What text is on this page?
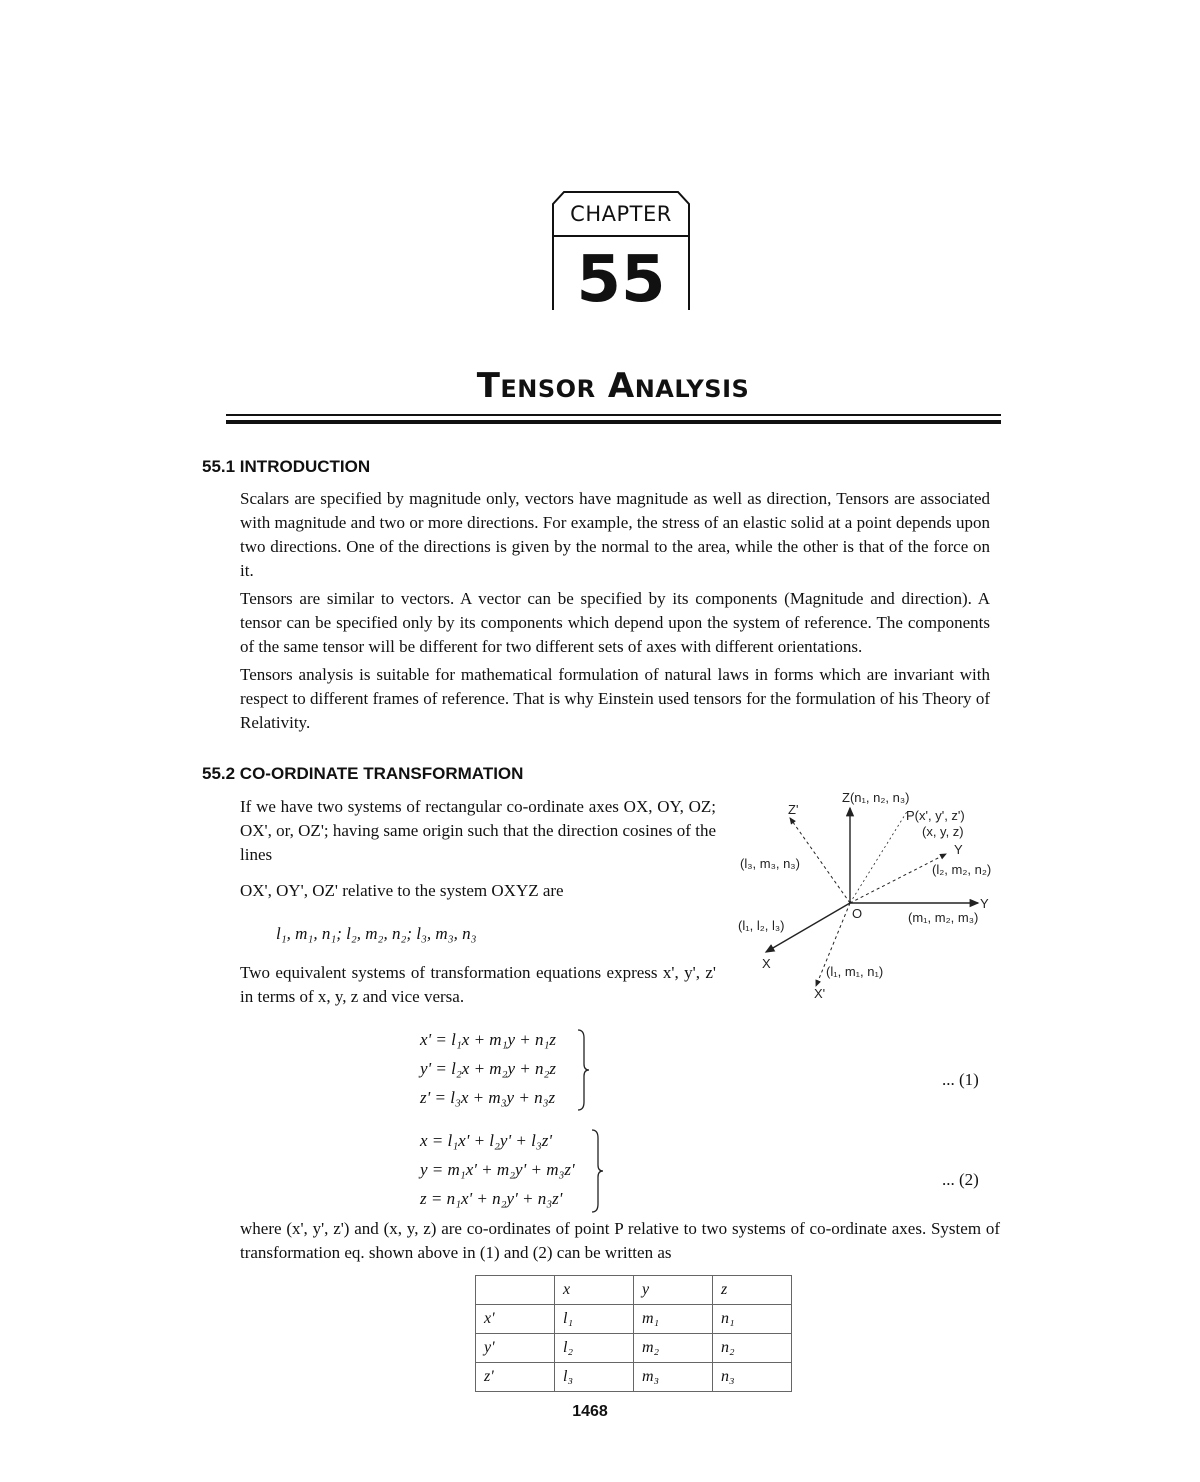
CHAPTER
55
Tensor Analysis
55.1 INTRODUCTION

Scalars are specified by magnitude only, vectors have magnitude as well as direction, Tensors are associated with magnitude and two or more directions. For example, the stress of an elastic solid at a point depends upon two directions. One of the directions is given by the normal to the area, while the other is that of the force on it.

Tensors are similar to vectors. A vector can be specified by its components (Magnitude and direction). A tensor can be specified only by its components which depend upon the system of reference. The components of the same tensor will be different for two different sets of axes with different orientations.

Tensors analysis is suitable for mathematical formulation of natural laws in forms which are invariant with respect to different frames of reference. That is why Einstein used tensors for the formulation of his Theory of Relativity.

55.2 CO-ORDINATE TRANSFORMATION

If we have two systems of rectangular co-ordinate axes OX, OY, OZ; OX', or, OZ'; having same origin such that the direction cosines of the lines

OX', OY', OZ' relative to the system OXYZ are

l₁, m₁, n₁; l₂, m₂, n₂; l₃, m₃, n₃

Two equivalent systems of transformation equations express x', y', z' in terms of x, y, z and vice versa.

Z(n₁, n₂, n₃)
Z'	P(x', y', z')
(x, y, z)
Y
(l₂, m₂, n₂)
(l₃, m₃, n₃)
O
Y
(m₁, m₂, m₃)
(l₁, l₂, l₃)
X
(l₁, m₁, n₁)
X'
x' = l₁x + m₁y + n₁z
y' = l₂x + m₂y + n₂z
z' = l₃x + m₃y + n₃z
... (1)
x = l₁x' + l₂y' + l₃z'
y = m₁x' + m₂y' + m₃z'
z = n₁x' + n₂y' + n₃z'
... (2)

where (x', y', z') and (x, y, z) are co-ordinates of point P relative to two systems of co-ordinate axes. System of transformation eq. shown above in (1) and (2) can be written as

	x	y	z
x'	l₁	m₁	n₁
y'	l₂	m₂	n₂
z'	l₃	m₃	n₃
1468
